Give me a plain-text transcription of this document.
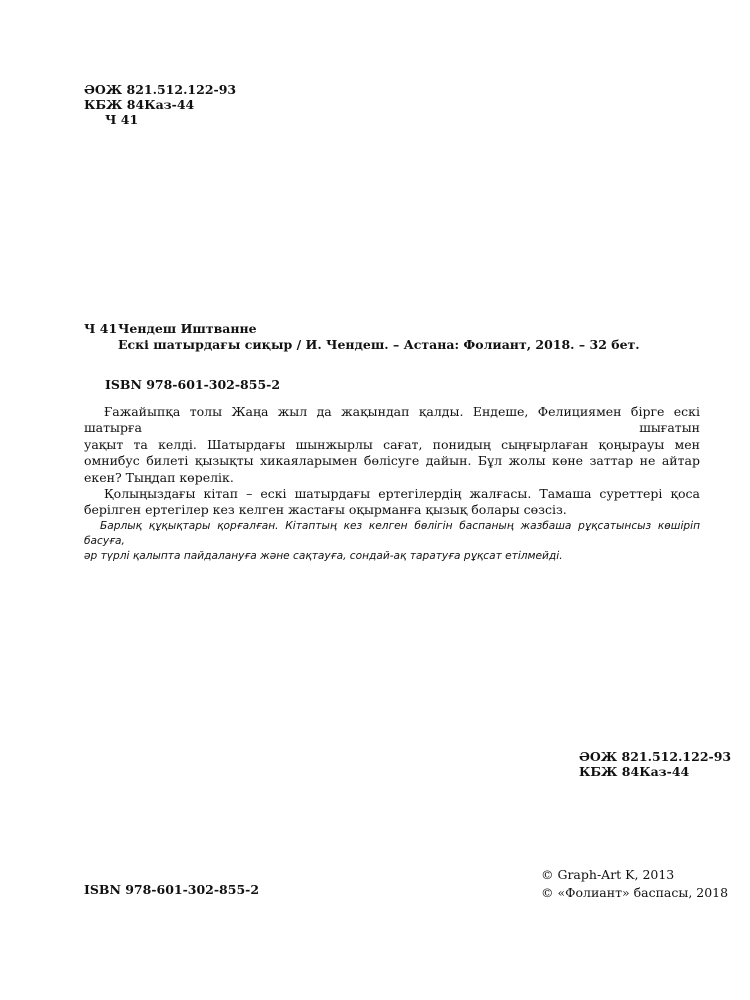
ӘОЖ 821.512.122-93
КБЖ 84Каз-44
Ч 41
Ч 41 Чендеш Иштванне
Ескі шатырдағы сиқыр / И. Чендеш. – Астана: Фолиант, 2018. – 32 бет.
ISBN 978-601-302-855-2

Ғажайыпқа толы Жаңа жыл да жақындап қалды. Ендеше, Фелициямен бірге ескі шатырға шығатын

уақыт та келді. Шатырдағы шынжырлы сағат, понидың сыңғырлаған қоңырауы мен омнибус билеті қызықты хикаяларымен бөлісуге дайын. Бұл жолы көне заттар не айтар екен? Тыңдап көрелік.

Қолыңыздағы кітап – ескі шатырдағы ертегілердің жалғасы. Тамаша суреттері қоса берілген ертегілер кез келген жастағы оқырманға қызық болары сөзсіз.

Барлық құқықтары қорғалған. Кітаптың кез келген бөлігін баспаның жазбаша рұқсатынсыз көшіріп басуға,

әр түрлі қалыпта пайдалануға және сақтауға, сондай-ақ таратуға рұқсат етілмейді.

ӘОЖ 821.512.122-93
КБЖ 84Каз-44
ISBN 978-601-302-855-2
© Graph-Art K, 2013
© «Фолиант» баспасы, 2018
